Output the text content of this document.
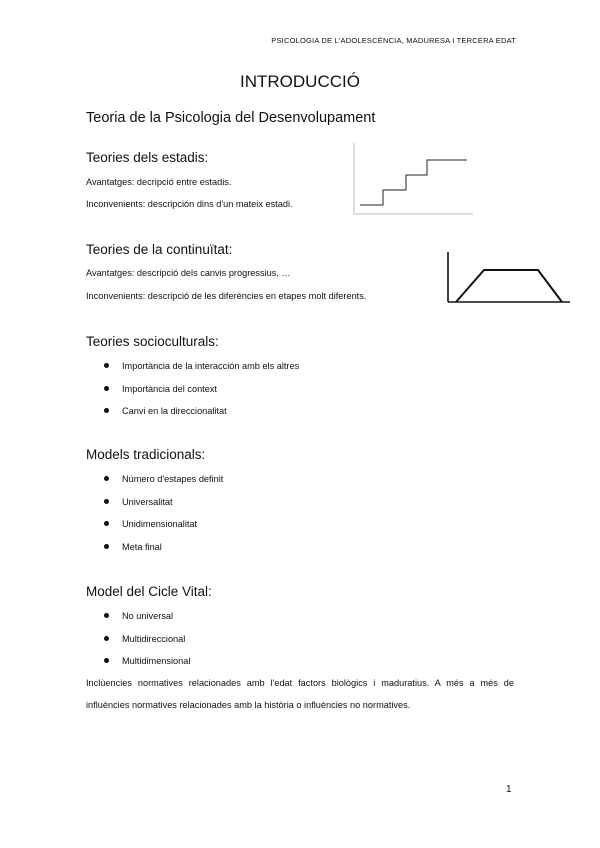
PSICOLOGIA DE L'ADOLESCÈNCIA, MADURESA I TERCERA EDAT
INTRODUCCIÓ
Teoria de la Psicologia del Desenvolupament
Teories dels estadis:
Avantatges: decripció entre estadis.
Inconvenients: descripción dins d'un mateix estadi.
Teories de la continuïtat:
Avantatges: descripció dels canvis progressius, …
Inconvenients: descripció de les diferències en etapes molt diferents.
Teories socioculturals:
Importància de la interacción amb els altres
Importància del context
Canvi en la direccionalitat
Models tradicionals:
Número d'estapes definit
Universalitat
Unidimensionalitat
Meta final
Model del Cicle Vital:
No universal
Multidireccional
Multidimensional
Inclùencies normatives relacionades amb l'edat factors biològics i maduratius. A més a més de influències normatives relacionades amb la història o influències no normatives.
1
